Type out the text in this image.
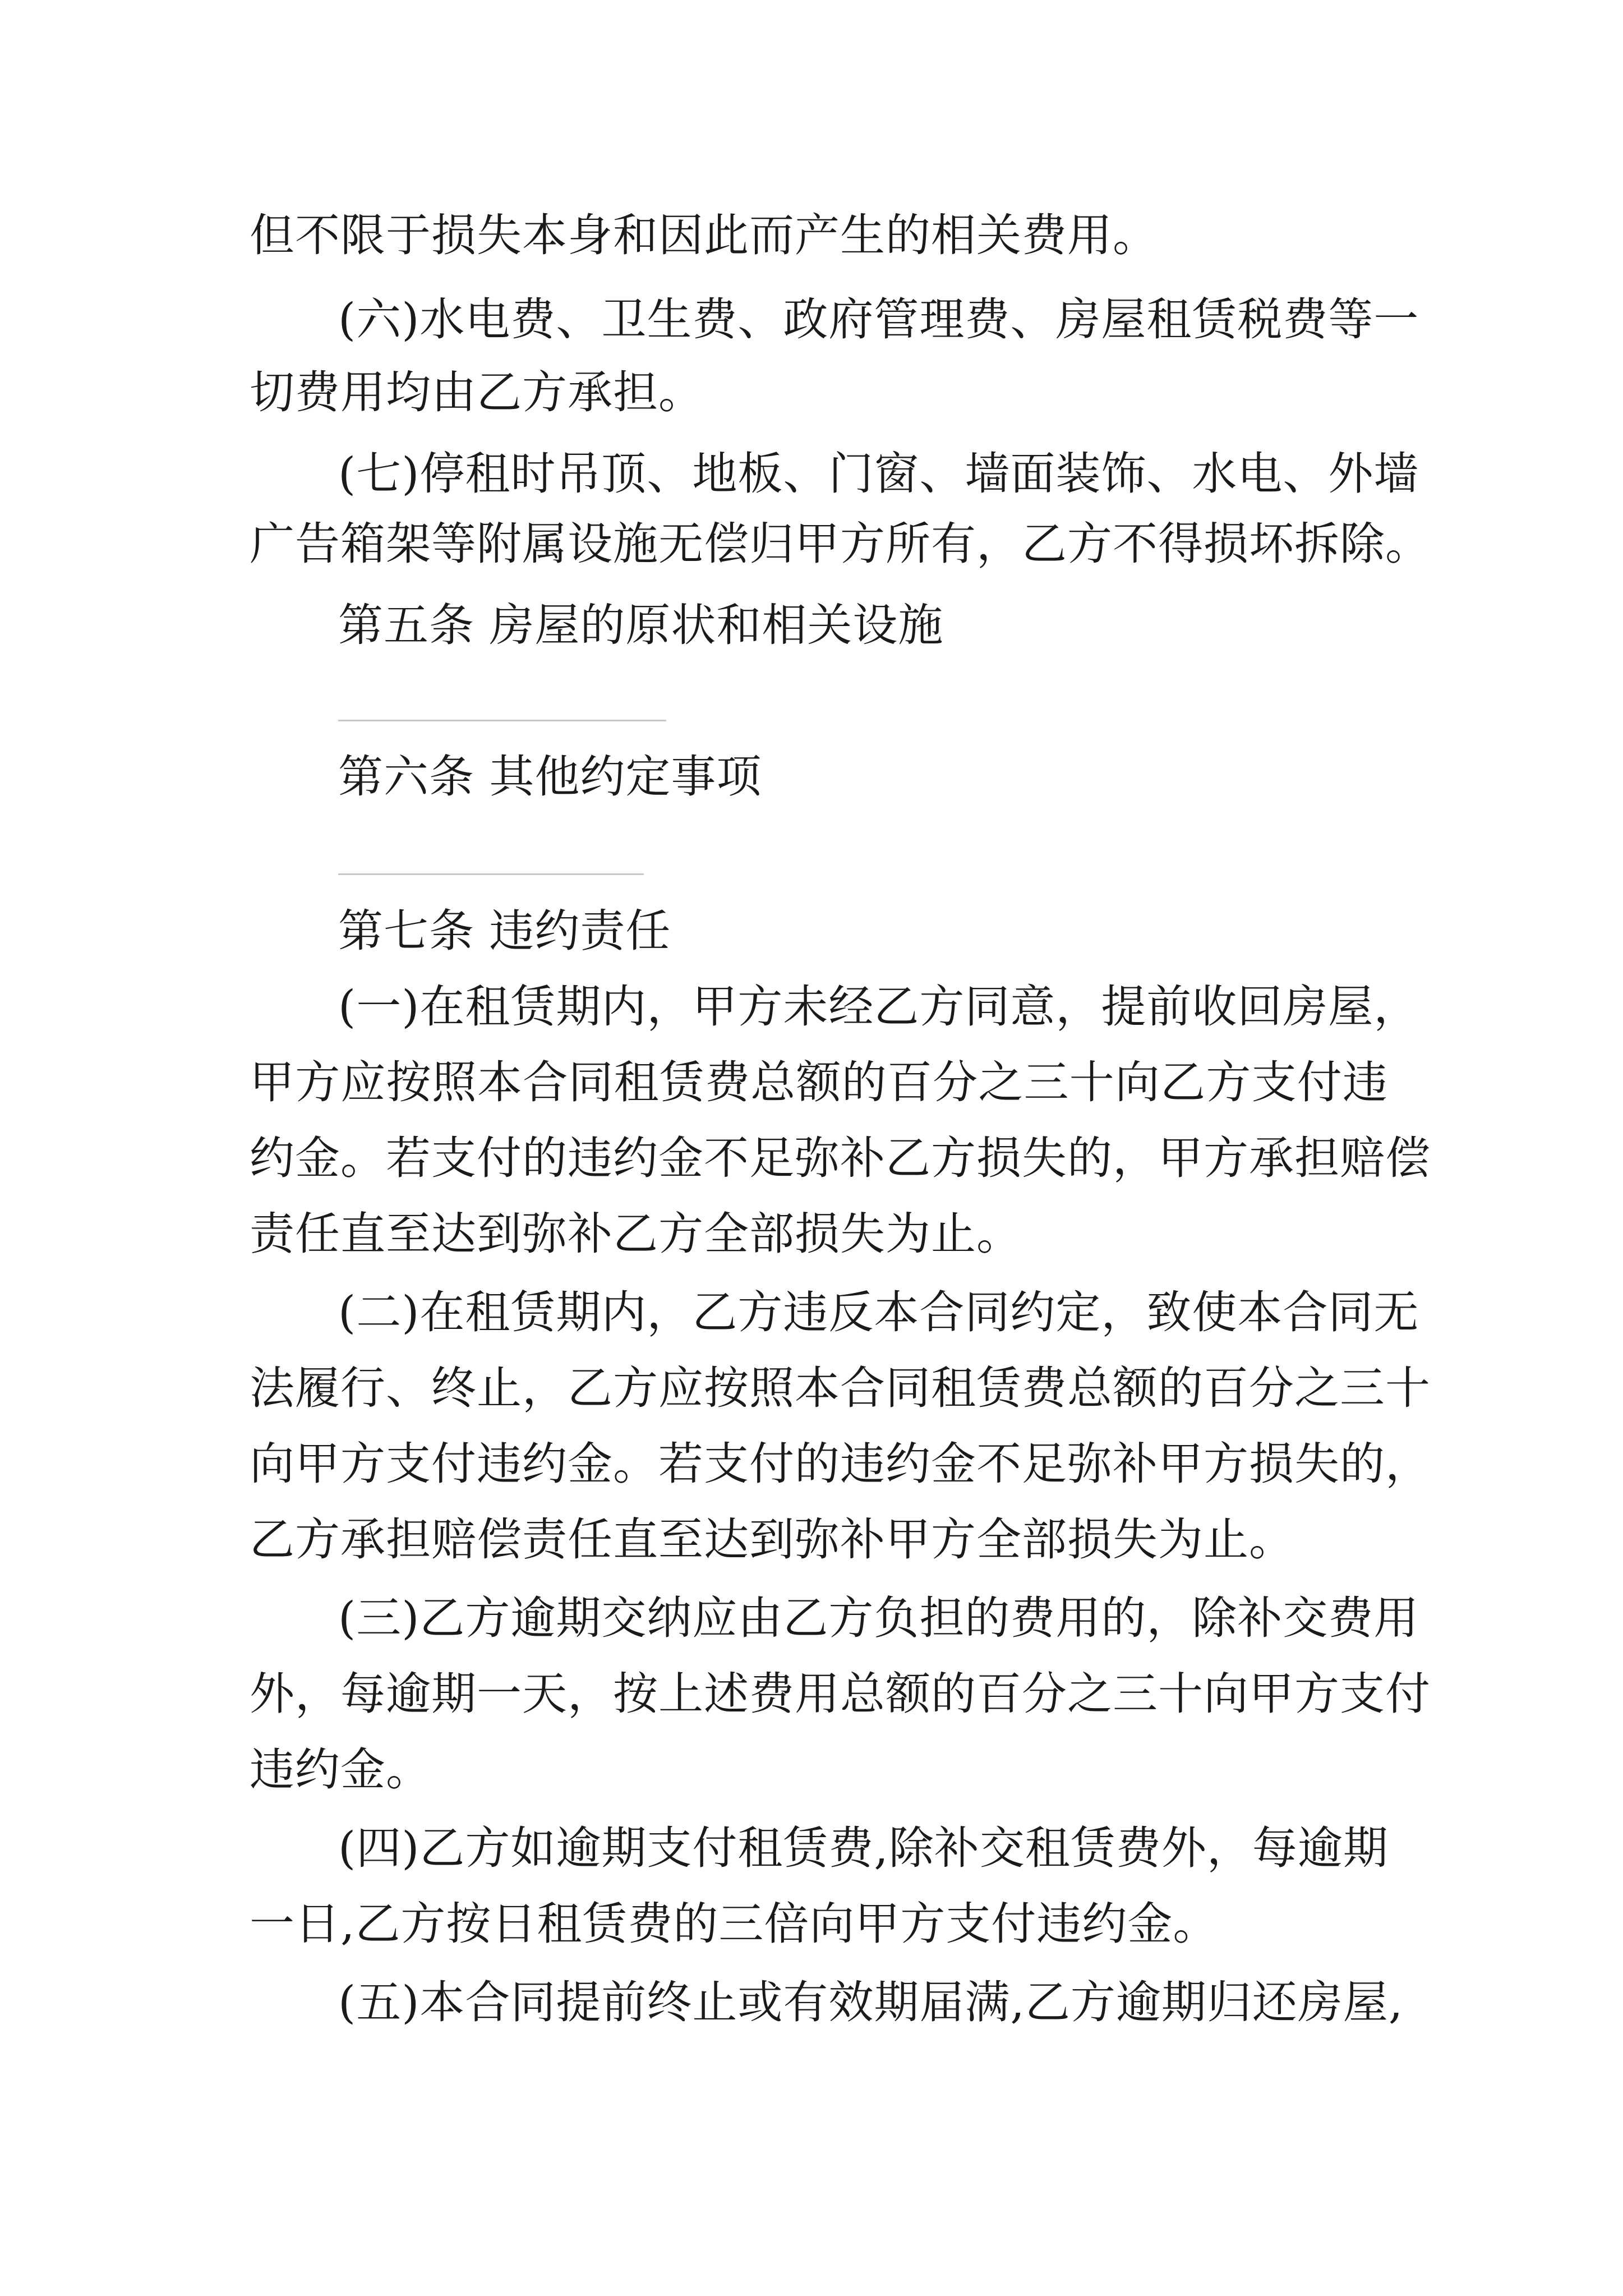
但不限于损失本身和因此而产生的相关费用。
(六)水电费、卫生费、政府管理费、房屋租赁税费等一
切费用均由乙方承担。
(七)停租时吊顶、地板、门窗、墙面装饰、水电、外墙
广告箱架等附属设施无偿归甲方所有，乙方不得损坏拆除。
第五条 房屋的原状和相关设施
第六条 其他约定事项
第七条 违约责任
(一)在租赁期内，甲方未经乙方同意，提前收回房屋，
甲方应按照本合同租赁费总额的百分之三十向乙方支付违
约金。若支付的违约金不足弥补乙方损失的，甲方承担赔偿
责任直至达到弥补乙方全部损失为止。
(二)在租赁期内，乙方违反本合同约定，致使本合同无
法履行、终止，乙方应按照本合同租赁费总额的百分之三十
向甲方支付违约金。若支付的违约金不足弥补甲方损失的，
乙方承担赔偿责任直至达到弥补甲方全部损失为止。
(三)乙方逾期交纳应由乙方负担的费用的，除补交费用
外，每逾期一天，按上述费用总额的百分之三十向甲方支付
违约金。
(四)乙方如逾期支付租赁费,除补交租赁费外，每逾期
一日,乙方按日租赁费的三倍向甲方支付违约金。
(五)本合同提前终止或有效期届满,乙方逾期归还房屋,
